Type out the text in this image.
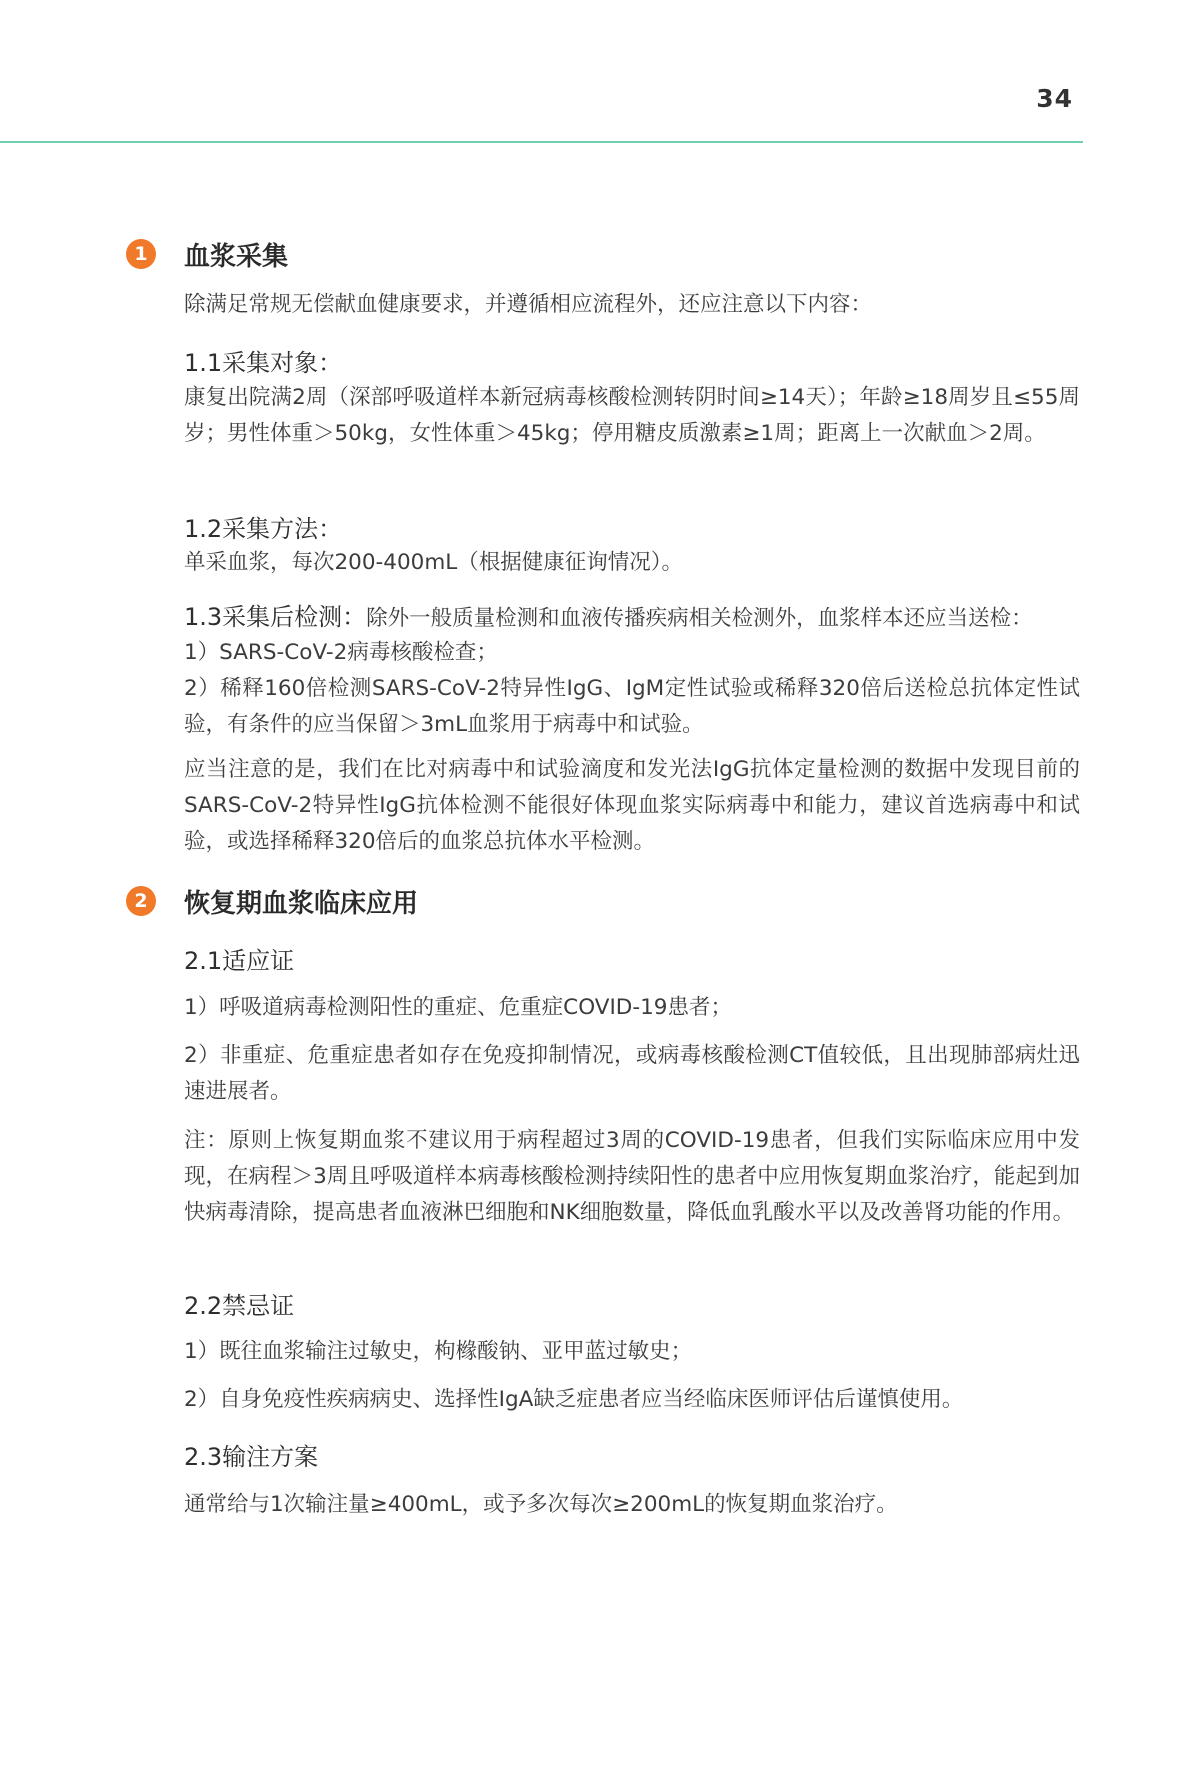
34
1	血浆采集
除满足常规无偿献血健康要求，并遵循相应流程外，还应注意以下内容：
1.1采集对象：
康复出院满2周（深部呼吸道样本新冠病毒核酸检测转阴时间≥14天）；年龄≥18周岁且≤55周岁；男性体重＞50kg，女性体重＞45kg；停用糖皮质激素≥1周；距离上一次献血＞2周。
1.2采集方法：
单采血浆，每次200-400mL（根据健康征询情况）。
1.3采集后检测：除外一般质量检测和血液传播疾病相关检测外，血浆样本还应当送检：
1）SARS-CoV-2病毒核酸检查；
2）稀释160倍检测SARS-CoV-2特异性IgG、IgM定性试验或稀释320倍后送检总抗体定性试验，有条件的应当保留＞3mL血浆用于病毒中和试验。
应当注意的是，我们在比对病毒中和试验滴度和发光法IgG抗体定量检测的数据中发现目前的SARS-CoV-2特异性IgG抗体检测不能很好体现血浆实际病毒中和能力，建议首选病毒中和试验，或选择稀释320倍后的血浆总抗体水平检测。
2	恢复期血浆临床应用
2.1适应证
1）呼吸道病毒检测阳性的重症、危重症COVID-19患者；
2）非重症、危重症患者如存在免疫抑制情况，或病毒核酸检测CT值较低，且出现肺部病灶迅速进展者。
注：原则上恢复期血浆不建议用于病程超过3周的COVID-19患者，但我们实际临床应用中发现，在病程＞3周且呼吸道样本病毒核酸检测持续阳性的患者中应用恢复期血浆治疗，能起到加快病毒清除，提高患者血液淋巴细胞和NK细胞数量，降低血乳酸水平以及改善肾功能的作用。
2.2禁忌证
1）既往血浆输注过敏史，枸橼酸钠、亚甲蓝过敏史；
2）自身免疫性疾病病史、选择性IgA缺乏症患者应当经临床医师评估后谨慎使用。
2.3输注方案
通常给与1次输注量≥400mL，或予多次每次≥200mL的恢复期血浆治疗。
